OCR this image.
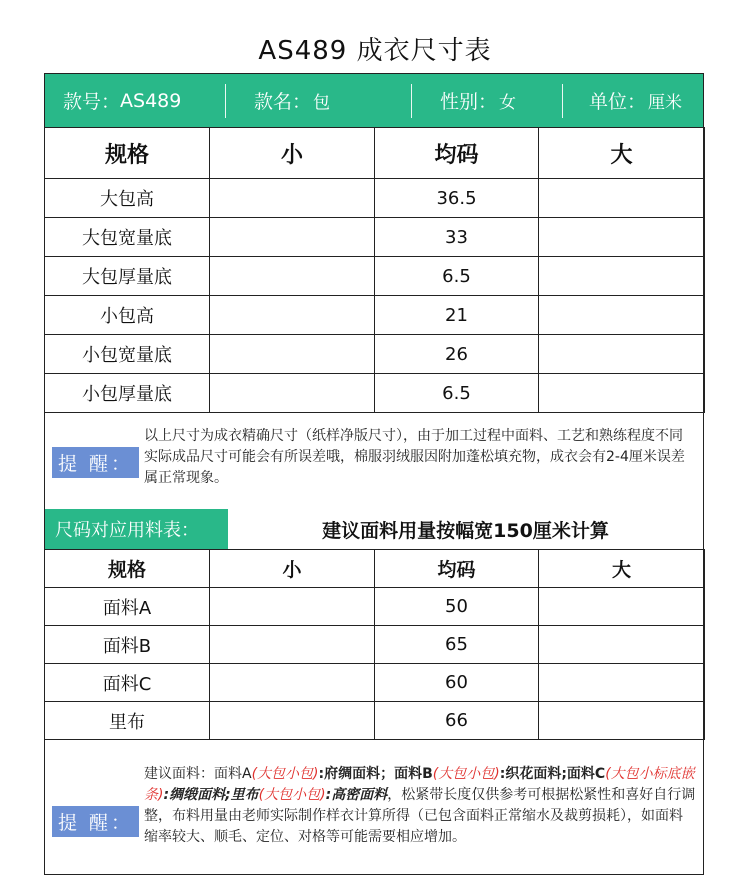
AS489 成衣尺寸表
款号： AS489	款名： 包	性别： 女	单位： 厘米
规格	小	均码	大
大包高		36.5	
大包宽量底		33	
大包厚量底		6.5	
小包高		21	
小包宽量底		26	
小包厚量底		6.5	
提 醒：
以上尺寸为成衣精确尺寸（纸样净版尺寸），由于加工过程中面料、工艺和熟练程度不同实际成品尺寸可能会有所误差哦，棉服羽绒服因附加蓬松填充物，成衣会有2-4厘米误差属正常现象。
尺码对应用料表：	建议面料用量按幅宽150厘米计算
规格	小	均码	大
面料A		50	
面料B		65	
面料C		60	
里布		66	
提 醒：
建议面料：面料A(大包小包):府绸面料；面料B(大包小包):织花面料;面料C(大包小标底嵌条):绸缎面料;里布(大包小包):高密面料，松紧带长度仅供参考可根据松紧性和喜好自行调整，布料用量由老师实际制作样衣计算所得（已包含面料正常缩水及裁剪损耗），如面料缩率较大、顺毛、定位、对格等可能需要相应增加。
